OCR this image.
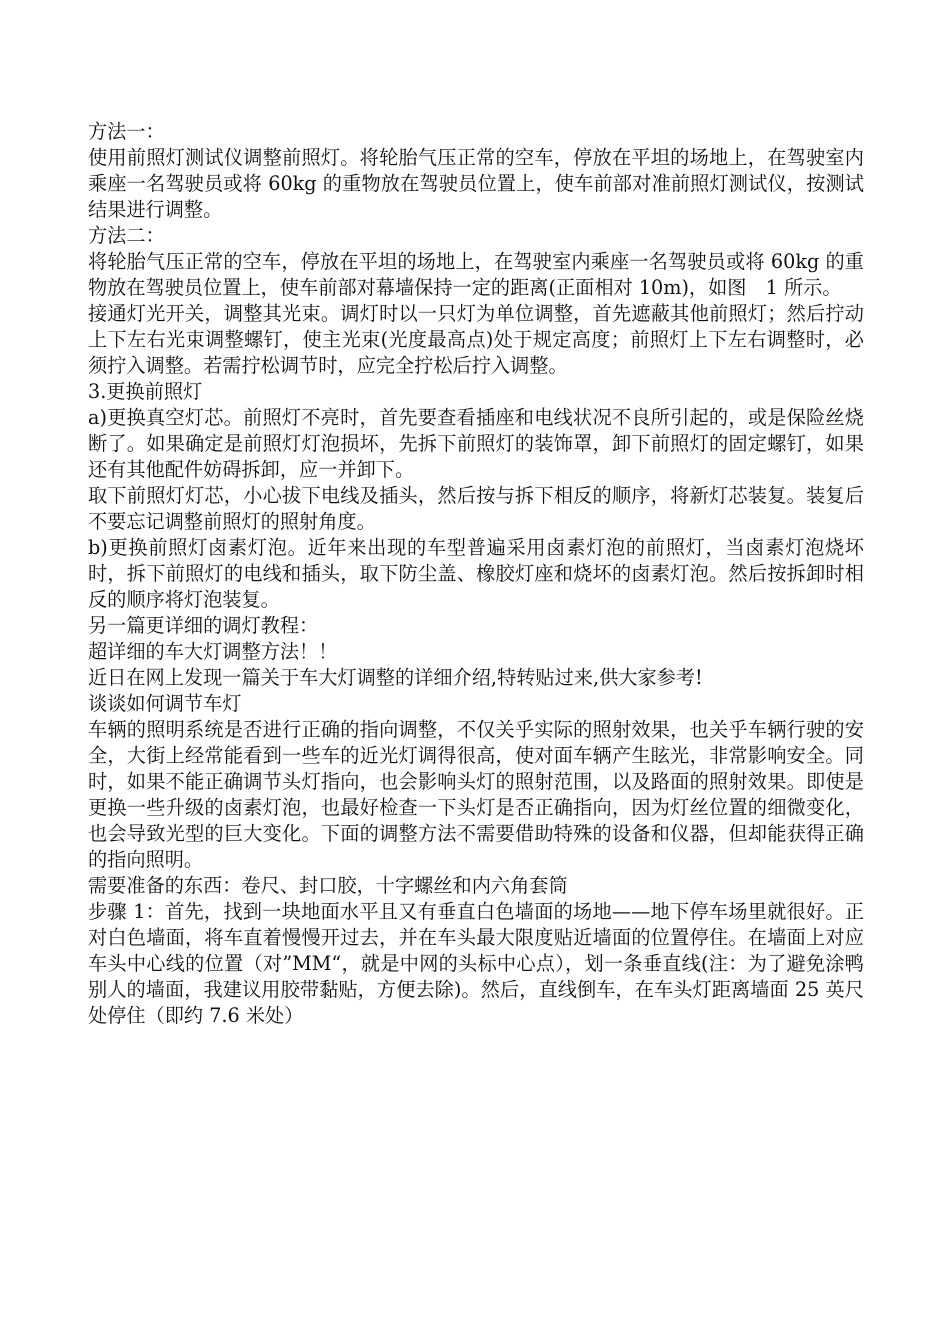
方法一：

使用前照灯测试仪调整前照灯。将轮胎气压正常的空车，停放在平坦的场地上，在驾驶室内乘座一名驾驶员或将 60kg 的重物放在驾驶员位置上，使车前部对准前照灯测试仪，按测试结果进行调整。

方法二：

将轮胎气压正常的空车，停放在平坦的场地上，在驾驶室内乘座一名驾驶员或将 60kg 的重物放在驾驶员位置上，使车前部对幕墙保持一定的距离(正面相对 10m)，如图　1 所示。

接通灯光开关，调整其光束。调灯时以一只灯为单位调整，首先遮蔽其他前照灯；然后拧动上下左右光束调整螺钉，使主光束(光度最高点)处于规定高度；前照灯上下左右调整时，必须拧入调整。若需拧松调节时，应完全拧松后拧入调整。

3.更换前照灯

a)更换真空灯芯。前照灯不亮时，首先要查看插座和电线状况不良所引起的，或是保险丝烧断了。如果确定是前照灯灯泡损坏，先拆下前照灯的装饰罩，卸下前照灯的固定螺钉，如果还有其他配件妨碍拆卸，应一并卸下。

取下前照灯灯芯，小心拔下电线及插头，然后按与拆下相反的顺序，将新灯芯装复。装复后不要忘记调整前照灯的照射角度。

b)更换前照灯卤素灯泡。近年来出现的车型普遍采用卤素灯泡的前照灯，当卤素灯泡烧坏时，拆下前照灯的电线和插头，取下防尘盖、橡胶灯座和烧坏的卤素灯泡。然后按拆卸时相反的顺序将灯泡装复。

另一篇更详细的调灯教程：

超详细的车大灯调整方法！！

近日在网上发现一篇关于车大灯调整的详细介绍,特转贴过来,供大家参考!

谈谈如何调节车灯

车辆的照明系统是否进行正确的指向调整，不仅关乎实际的照射效果，也关乎车辆行驶的安全，大街上经常能看到一些车的近光灯调得很高，使对面车辆产生眩光，非常影响安全。同时，如果不能正确调节头灯指向，也会影响头灯的照射范围，以及路面的照射效果。即使是更换一些升级的卤素灯泡，也最好检查一下头灯是否正确指向，因为灯丝位置的细微变化，也会导致光型的巨大变化。下面的调整方法不需要借助特殊的设备和仪器，但却能获得正确的指向照明。

需要准备的东西：卷尺、封口胶，十字螺丝和内六角套筒

步骤 1：首先，找到一块地面水平且又有垂直白色墙面的场地——地下停车场里就很好。正对白色墙面，将车直着慢慢开过去，并在车头最大限度贴近墙面的位置停住。在墙面上对应车头中心线的位置（对”MM“，就是中网的头标中心点），划一条垂直线(注：为了避免涂鸭别人的墙面，我建议用胶带黏贴，方便去除)。然后，直线倒车，在车头灯距离墙面 25 英尺处停住（即约 7.6 米处）
